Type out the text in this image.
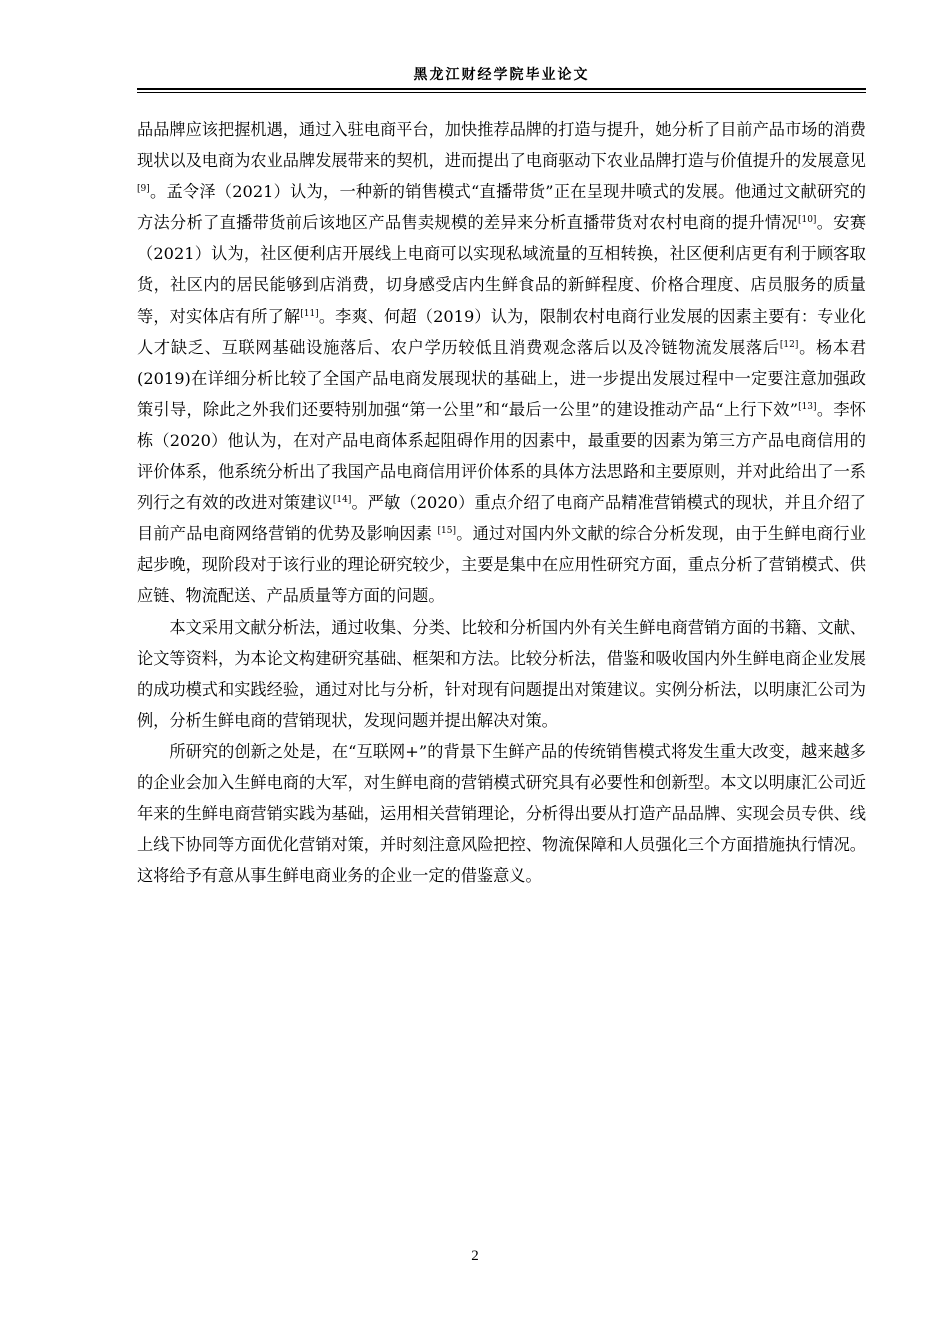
黑龙江财经学院毕业论文

品品牌应该把握机遇，通过入驻电商平台，加快推荐品牌的打造与提升，她分析了目前产品市场的消费现状以及电商为农业品牌发展带来的契机，进而提出了电商驱动下农业品牌打造与价值提升的发展意见[9]。孟令泽（2021）认为，一种新的销售模式“直播带货”正在呈现井喷式的发展。他通过文献研究的方法分析了直播带货前后该地区产品售卖规模的差异来分析直播带货对农村电商的提升情况[10]。安赛（2021）认为，社区便利店开展线上电商可以实现私域流量的互相转换，社区便利店更有利于顾客取货，社区内的居民能够到店消费，切身感受店内生鲜食品的新鲜程度、价格合理度、店员服务的质量等，对实体店有所了解[11]。李爽、何超（2019）认为，限制农村电商行业发展的因素主要有：专业化人才缺乏、互联网基础设施落后、农户学历较低且消费观念落后以及冷链物流发展落后[12]。杨本君(2019)在详细分析比较了全国产品电商发展现状的基础上，进一步提出发展过程中一定要注意加强政策引导，除此之外我们还要特别加强“第一公里”和“最后一公里”的建设推动产品“上行下效”[13]。李怀栋（2020）他认为，在对产品电商体系起阻碍作用的因素中，最重要的因素为第三方产品电商信用的评价体系，他系统分析出了我国产品电商信用评价体系的具体方法思路和主要原则，并对此给出了一系列行之有效的改进对策建议[14]。严敏（2020）重点介绍了电商产品精准营销模式的现状，并且介绍了目前产品电商网络营销的优势及影响因素 [15]。通过对国内外文献的综合分析发现，由于生鲜电商行业起步晚，现阶段对于该行业的理论研究较少，主要是集中在应用性研究方面，重点分析了营销模式、供应链、物流配送、产品质量等方面的问题。

本文采用文献分析法，通过收集、分类、比较和分析国内外有关生鲜电商营销方面的书籍、文献、论文等资料，为本论文构建研究基础、框架和方法。比较分析法，借鉴和吸收国内外生鲜电商企业发展的成功模式和实践经验，通过对比与分析，针对现有问题提出对策建议。实例分析法，以明康汇公司为例，分析生鲜电商的营销现状，发现问题并提出解决对策。

所研究的创新之处是，在“互联网+”的背景下生鲜产品的传统销售模式将发生重大改变，越来越多的企业会加入生鲜电商的大军，对生鲜电商的营销模式研究具有必要性和创新型。本文以明康汇公司近年来的生鲜电商营销实践为基础，运用相关营销理论，分析得出要从打造产品品牌、实现会员专供、线上线下协同等方面优化营销对策，并时刻注意风险把控、物流保障和人员强化三个方面措施执行情况。这将给予有意从事生鲜电商业务的企业一定的借鉴意义。

2
